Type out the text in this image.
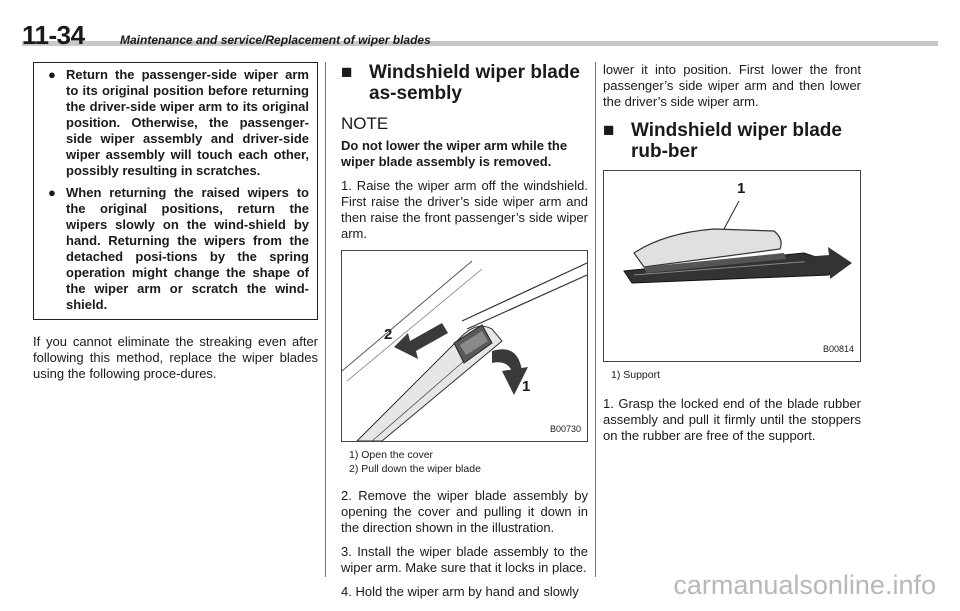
11-34	Maintenance and service/Replacement of wiper blades
● Return the passenger-side wiper arm to its original position before returning the driver-side wiper arm to its original position. Otherwise, the passenger-side wiper assembly and driver-side wiper assembly will touch each other, possibly resulting in scratches.
● When returning the raised wipers to the original positions, return the wipers slowly on the wind-shield by hand. Returning the wipers from the detached posi-tions by the spring operation might change the shape of the wiper arm or scratch the wind-shield.

If you cannot eliminate the streaking even after following this method, replace the wiper blades using the following proce-dures.

■ Windshield wiper blade as-sembly
NOTE

Do not lower the wiper arm while the wiper blade assembly is removed.

1. Raise the wiper arm off the windshield. First raise the driver’s side wiper arm and then raise the front passenger’s side wiper arm.

2
1
B00730
1) Open the cover
2) Pull down the wiper blade

2. Remove the wiper blade assembly by opening the cover and pulling it down in the direction shown in the illustration.

3. Install the wiper blade assembly to the wiper arm. Make sure that it locks in place.

4. Hold the wiper arm by hand and slowly

lower it into position. First lower the front passenger’s side wiper arm and then lower the driver’s side wiper arm.

■ Windshield wiper blade rub-ber
1
B00814
1) Support

1. Grasp the locked end of the blade rubber assembly and pull it firmly until the stoppers on the rubber are free of the support.

carmanualsonline.info
